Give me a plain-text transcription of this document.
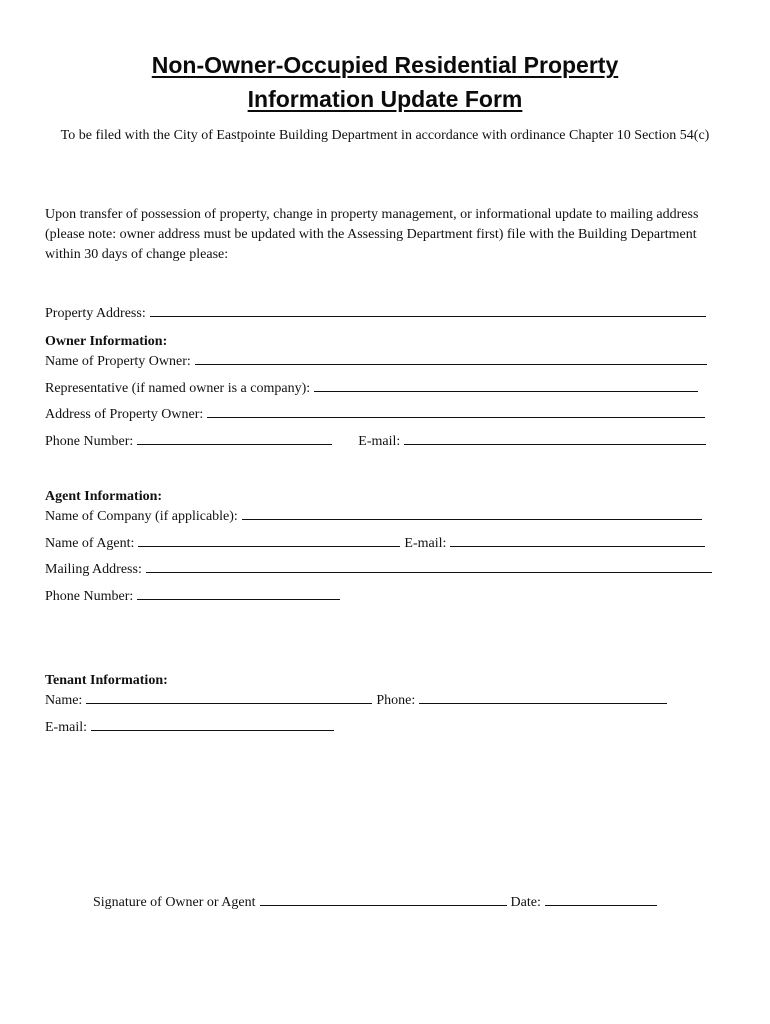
Non-Owner-Occupied Residential Property
Information Update Form
To be filed with the City of Eastpointe Building Department in accordance with ordinance Chapter 10 Section 54(c)
Upon transfer of possession of property, change in property management, or informational update to mailing address (please note: owner address must be updated with the Assessing Department first) file with the Building Department within 30 days of change please:
Property Address:
Owner Information:
Name of Property Owner:
Representative (if named owner is a company):
Address of Property Owner:
Phone Number:	E-mail:
Agent Information:
Name of Company (if applicable):
Name of Agent:	E-mail:
Mailing Address:
Phone Number:
Tenant Information:
Name:	Phone:
E-mail:
Signature of Owner or Agent	Date:
